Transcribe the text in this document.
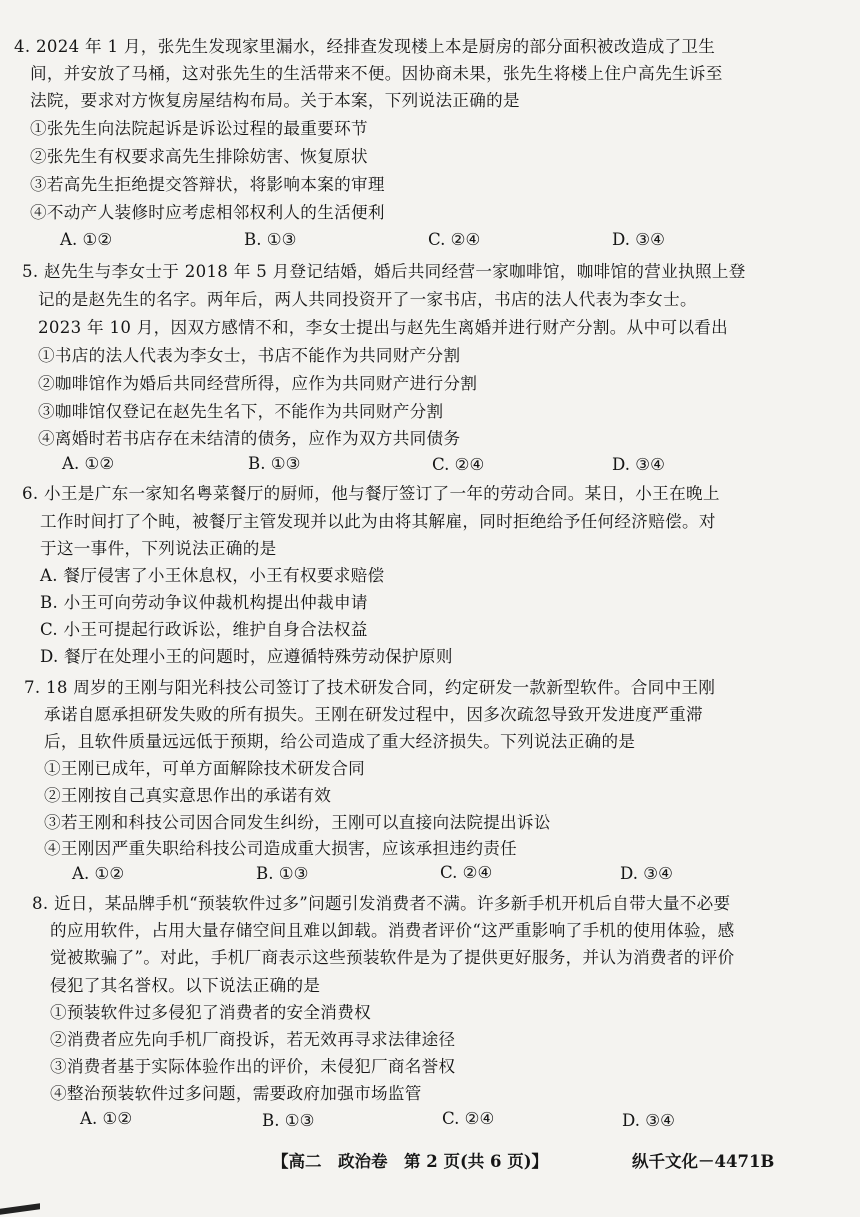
4. 2024 年 1 月，张先生发现家里漏水，经排查发现楼上本是厨房的部分面积被改造成了卫生
间，并安放了马桶，这对张先生的生活带来不便。因协商未果，张先生将楼上住户高先生诉至
法院，要求对方恢复房屋结构布局。关于本案，下列说法正确的是
①张先生向法院起诉是诉讼过程的最重要环节
②张先生有权要求高先生排除妨害、恢复原状
③若高先生拒绝提交答辩状，将影响本案的审理
④不动产人装修时应考虑相邻权利人的生活便利
A. ①②	B. ①③	C. ②④	D. ③④
5. 赵先生与李女士于 2018 年 5 月登记结婚，婚后共同经营一家咖啡馆，咖啡馆的营业执照上登
记的是赵先生的名字。两年后，两人共同投资开了一家书店，书店的法人代表为李女士。
2023 年 10 月，因双方感情不和，李女士提出与赵先生离婚并进行财产分割。从中可以看出
①书店的法人代表为李女士，书店不能作为共同财产分割
②咖啡馆作为婚后共同经营所得，应作为共同财产进行分割
③咖啡馆仅登记在赵先生名下，不能作为共同财产分割
④离婚时若书店存在未结清的债务，应作为双方共同债务
A. ①②	B. ①③	C. ②④	D. ③④
6. 小王是广东一家知名粤菜餐厅的厨师，他与餐厅签订了一年的劳动合同。某日，小王在晚上
工作时间打了个盹，被餐厅主管发现并以此为由将其解雇，同时拒绝给予任何经济赔偿。对
于这一事件，下列说法正确的是
A. 餐厅侵害了小王休息权，小王有权要求赔偿
B. 小王可向劳动争议仲裁机构提出仲裁申请
C. 小王可提起行政诉讼，维护自身合法权益
D. 餐厅在处理小王的问题时，应遵循特殊劳动保护原则
7. 18 周岁的王刚与阳光科技公司签订了技术研发合同，约定研发一款新型软件。合同中王刚
承诺自愿承担研发失败的所有损失。王刚在研发过程中，因多次疏忽导致开发进度严重滞
后，且软件质量远远低于预期，给公司造成了重大经济损失。下列说法正确的是
①王刚已成年，可单方面解除技术研发合同
②王刚按自己真实意思作出的承诺有效
③若王刚和科技公司因合同发生纠纷，王刚可以直接向法院提出诉讼
④王刚因严重失职给科技公司造成重大损害，应该承担违约责任
A. ①②	B. ①③	C. ②④	D. ③④
8. 近日，某品牌手机“预装软件过多”问题引发消费者不满。许多新手机开机后自带大量不必要
的应用软件，占用大量存储空间且难以卸载。消费者评价“这严重影响了手机的使用体验，感
觉被欺骗了”。对此，手机厂商表示这些预装软件是为了提供更好服务，并认为消费者的评价
侵犯了其名誉权。以下说法正确的是
①预装软件过多侵犯了消费者的安全消费权
②消费者应先向手机厂商投诉，若无效再寻求法律途径
③消费者基于实际体验作出的评价，未侵犯厂商名誉权
④整治预装软件过多问题，需要政府加强市场监管
A. ①②	B. ①③	C. ②④	D. ③④
【高二　政治卷　第 2 页(共 6 页)】	纵千文化－4471B
